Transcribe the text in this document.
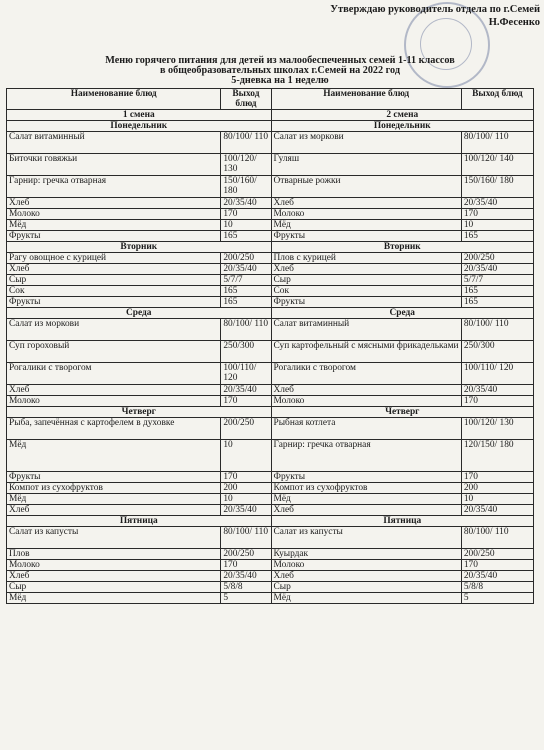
Утверждаю руководитель отдела по г.Семей
Н.Фесенко
Меню горячего питания для детей из малообеспеченных семей 1-11 классов
в общеобразовательных школах г.Семей на 2022 год
5-дневка на 1 неделю
Наименование блюд	Выход блюд	Наименование блюд	Выход блюд
1 смена		2 смена	
Понедельник		Понедельник	
Салат витаминный	80/100/ 110	Салат из моркови	80/100/ 110
Биточки говяжьи	100/120/ 130	Гуляш	100/120/ 140
Гарнир: гречка отварная	150/160/ 180	Отварные рожки	150/160/ 180
Хлеб	20/35/40	Хлеб	20/35/40
Молоко	170	Молоко	170
Мёд	10	Мёд	10
Фрукты	165	Фрукты	165
Вторник		Вторник	
Рагу овощное с курицей	200/250	Плов с курицей	200/250
Хлеб	20/35/40	Хлеб	20/35/40
Сыр	5/7/7	Сыр	5/7/7
Сок	165	Сок	165
Фрукты	165	Фрукты	165
Среда		Среда	
Салат из моркови	80/100/ 110	Салат витаминный	80/100/ 110
Суп гороховый	250/300	Суп картофельный с мясными фрикадельками	250/300
Рогалики с творогом	100/110/ 120	Рогалики с творогом	100/110/ 120
Хлеб	20/35/40	Хлеб	20/35/40
Молоко	170	Молоко	170
Четверг		Четверг	
Рыба, запечённая с картофелем в духовке	200/250	Рыбная котлета	100/120/ 130
Мёд	10	Гарнир: гречка отварная	120/150/ 180
Фрукты	170	Фрукты	170
Компот из сухофруктов	200	Компот из сухофруктов	200
Мёд	10	Мёд	10
Хлеб	20/35/40	Хлеб	20/35/40
Пятница		Пятница	
Салат из капусты	80/100/ 110	Салат из капусты	80/100/ 110
Плов	200/250	Куырдак	200/250
Молоко	170	Молоко	170
Хлеб	20/35/40	Хлеб	20/35/40
Сыр	5/8/8	Сыр	5/8/8
Мёд	5	Мёд	5
